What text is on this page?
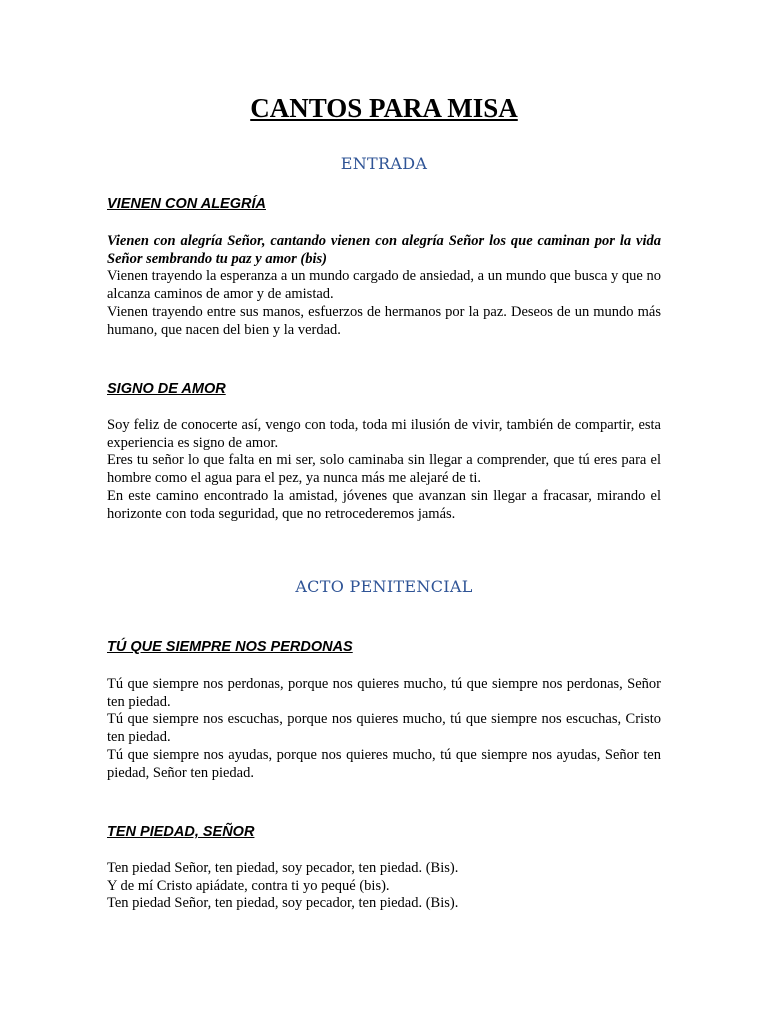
CANTOS PARA MISA
ENTRADA
VIENEN CON ALEGRÍA
Vienen con alegría Señor, cantando vienen con alegría Señor los que caminan por la vida Señor sembrando tu paz y amor (bis)
Vienen trayendo la esperanza a un mundo cargado de ansiedad, a un mundo que busca y que no alcanza caminos de amor y de amistad.
Vienen trayendo entre sus manos, esfuerzos de hermanos por la paz. Deseos de un mundo más humano, que nacen del bien y la verdad.
SIGNO DE AMOR
Soy feliz de conocerte así, vengo con toda, toda mi ilusión de vivir, también de compartir, esta experiencia es signo de amor.
Eres tu señor lo que falta en mi ser, solo caminaba sin llegar a comprender, que tú eres para el hombre como el agua para el pez, ya nunca más me alejaré de ti.
En este camino encontrado la amistad, jóvenes que avanzan sin llegar a fracasar, mirando el horizonte con toda seguridad, que no retrocederemos jamás.
ACTO PENITENCIAL
TÚ QUE SIEMPRE NOS PERDONAS
Tú que siempre nos perdonas, porque nos quieres mucho, tú que siempre nos perdonas, Señor ten piedad.
Tú que siempre nos escuchas, porque nos quieres mucho, tú que siempre nos escuchas, Cristo ten piedad.
Tú que siempre nos ayudas, porque nos quieres mucho, tú que siempre nos ayudas, Señor ten piedad, Señor ten piedad.
TEN PIEDAD, SEÑOR
Ten piedad Señor, ten piedad, soy pecador, ten piedad. (Bis).
Y de mí Cristo apiádate, contra ti yo pequé (bis).
Ten piedad Señor, ten piedad, soy pecador, ten piedad. (Bis).
